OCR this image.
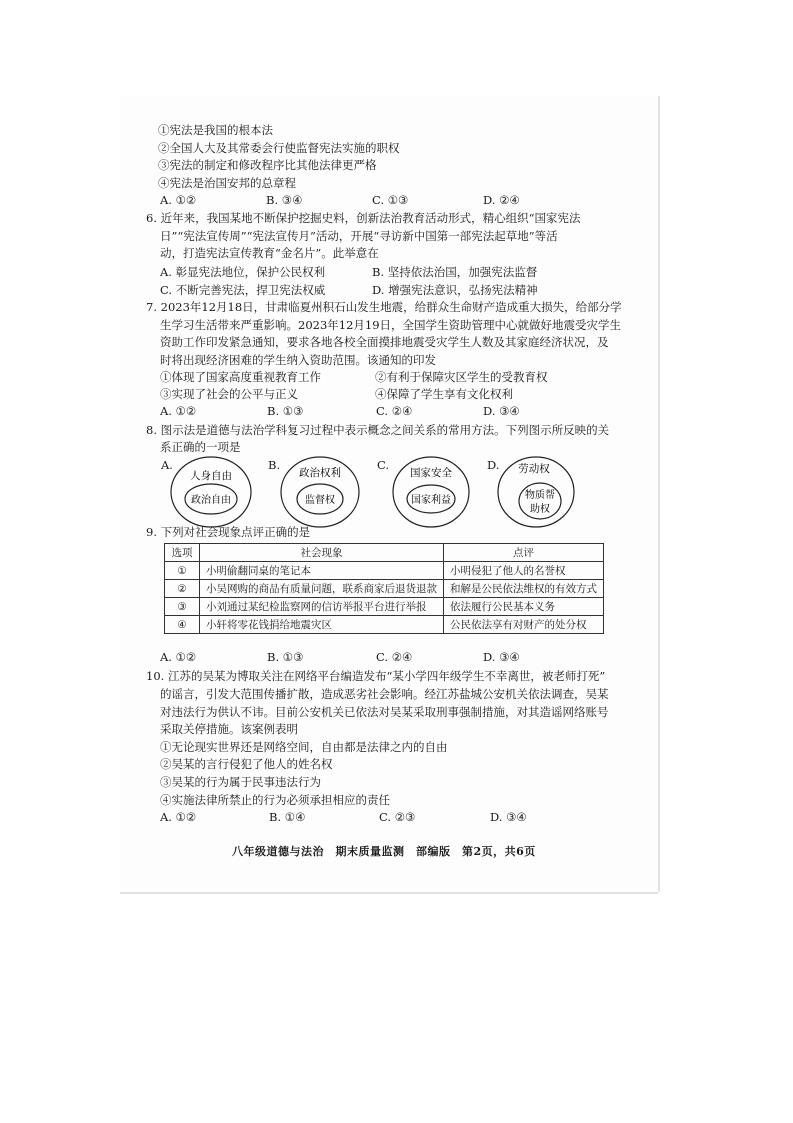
①宪法是我国的根本法
②全国人大及其常委会行使监督宪法实施的职权
③宪法的制定和修改程序比其他法律更严格
④宪法是治国安邦的总章程
A. ①②	B. ③④	C. ①③	D. ②④
6. 近年来，我国某地不断保护挖掘史料，创新法治教育活动形式，精心组织“国家宪法
日”“宪法宣传周”“宪法宣传月”活动，开展“寻访新中国第一部宪法起草地”等活
动，打造宪法宣传教育“金名片”。此举意在
A. 彰显宪法地位，保护公民权利	B. 坚持依法治国，加强宪法监督
C. 不断完善宪法，捍卫宪法权威	D. 增强宪法意识，弘扬宪法精神
7. 2023年12月18日，甘肃临夏州积石山发生地震，给群众生命财产造成重大损失，给部分学
生学习生活带来严重影响。2023年12月19日，全国学生资助管理中心就做好地震受灾学生
资助工作印发紧急通知，要求各地各校全面摸排地震受灾学生人数及其家庭经济状况，及
时将出现经济困难的学生纳入资助范围。该通知的印发
①体现了国家高度重视教育工作	②有利于保障灾区学生的受教育权
③实现了社会的公平与正义	④保障了学生享有文化权利
A. ①②	B. ①③	C. ②④	D. ③④
8. 图示法是道德与法治学科复习过程中表示概念之间关系的常用方法。下列图示所反映的关
系正确的一项是
A.	B.	C.	D.
人身自由
政治自由
政治权利
监督权
国家安全
国家利益
劳动权
物质帮
助权
9. 下列对社会现象点评正确的是
选项	社会现象	点评
①	小明偷翻同桌的笔记本	小明侵犯了他人的名誉权
②	小吴网购的商品有质量问题，联系商家后退货退款	和解是公民依法维权的有效方式
③	小刘通过某纪检监察网的信访举报平台进行举报	依法履行公民基本义务
④	小轩将零花钱捐给地震灾区	公民依法享有对财产的处分权
A. ①②	B. ①③	C. ②④	D. ③④
10. 江苏的吴某为博取关注在网络平台编造发布“某小学四年级学生不幸离世，被老师打死”
的谣言，引发大范围传播扩散，造成恶劣社会影响。经江苏盐城公安机关依法调查，吴某
对违法行为供认不讳。目前公安机关已依法对吴某采取刑事强制措施，对其造谣网络账号
采取关停措施。该案例表明
①无论现实世界还是网络空间，自由都是法律之内的自由
②吴某的言行侵犯了他人的姓名权
③吴某的行为属于民事违法行为
④实施法律所禁止的行为必须承担相应的责任
A. ①②	B. ①④	C. ②③	D. ③④
八年级道德与法治　期末质量监测　部编版　第2页，共6页
